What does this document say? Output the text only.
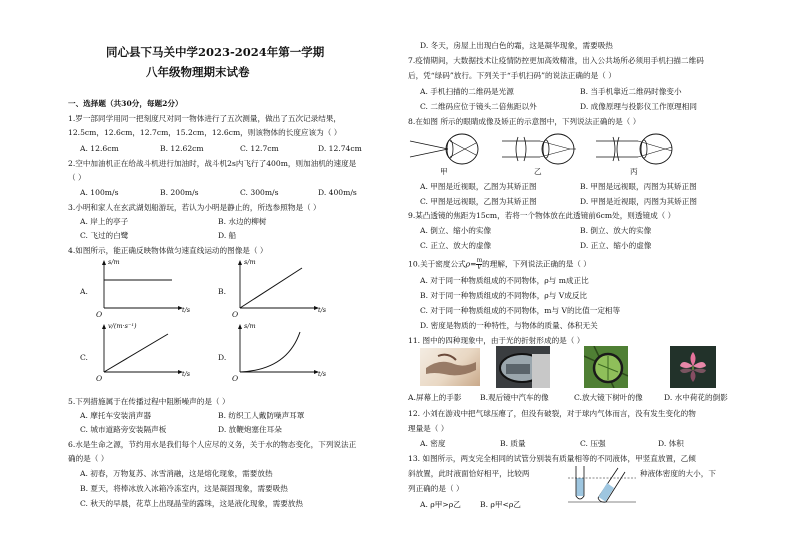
同心县下马关中学2023-2024年第一学期
八年级物理期末试卷
一、选择题（共30分，每题2分）
1.罗一部同学用同一把刻度尺对同一物体进行了五次测量，做出了五次记录结果，
12.5cm，12.6cm，12.7cm，15.2cm，12.6cm，则该物体的长度应该为（ ）
A. 12.6cm	B. 12.62cm	C. 12.7cm	D. 12.74cm
2.空中加油机正在给战斗机进行加油时，战斗机2s内飞行了400m，则加油机的速度是
（ ）
A. 100m/s	B. 200m/s	C. 300m/s	D. 400m/s
3.小明和家人在玄武湖划船游玩，若认为小明是静止的，所选参照物是（ ）
A. 岸上的亭子	B. 水边的柳树
C. 飞过的白鹭	D. 船
4.如图所示，能正确反映物体做匀速直线运动的图像是（ ）
A.
s/m
t/s
O
B.
s/m
t/s
O
C.
v/(m·s⁻¹)
t/s
O
D.
s/m
t/s
O
5.下列措施属于在传播过程中阻断噪声的是（ ）
A. 摩托车安装消声器	B. 纺织工人戴防噪声耳罩
C. 城市道路旁安装隔声板	D. 放鞭炮塞住耳朵
6.水是生命之源，节约用水是我们每个人应尽的义务，关于水的物态变化，下列说法正
确的是（ ）
A. 初春，万物复苏、冰雪消融，这是熔化现象，需要放热
B. 夏天，将棒冰放入冰箱冷冻室内，这是凝固现象，需要吸热
C. 秋天的早晨，花草上出现晶莹的露珠，这是液化现象，需要放热
D. 冬天，房屋上出现白色的霜，这是凝华现象，需要吸热
7.疫情期间，大数据技术让疫情防控更加高效精准，出入公共场所必须用手机扫描二维码
后，凭“绿码”放行。下列关于“手机扫码”的说法正确的是（ ）
A. 手机扫描的二维码是光源	B. 当手机靠近二维码时像变小
C. 二维码应位于镜头二倍焦距以外	D. 成像原理与投影仪工作原理相同
8.在如图 所示的眼睛成像及矫正的示意图中，下列说法正确的是（ ）
甲	乙	丙
A. 甲图是近视眼，乙图为其矫正图	B. 甲图是远视眼，丙图为其矫正图
C. 甲图是远视眼，乙图为其矫正图	D. 甲图是近视眼，丙图为其矫正图
9.某凸透镜的焦距为15cm，若将一个物体放在此透镜前6cm处，则透镜成（ ）
A. 倒立、缩小的实像	B. 倒立、放大的实像
C. 正立、放大的虚像	D. 正立、缩小的虚像
10.关于密度公式$\rho= \frac{m}{V}$ 的理解，下列说法正确的是（ ）
A. 对于同一种物质组成的不同物体，ρ与 m成正比
B. 对于同一种物质组成的不同物体，ρ与 V成反比
C. 对于同一种物质组成的不同物体，m与 V的比值一定相等
D. 密度是物质的一种特性，与物体的质量、体积无关
11. 图中的四种现象中，由于光的折射形成的是（ ）
A.屏幕上的手影 B.观后镜中汽车的像	C.放大镜下树叶的像	D. 水中荷花的倒影
12. 小刘在游戏中把气球压瘪了，但没有破裂，对于球内气体而言，没有发生变化的物
理量是（ ）
A. 密度	B. 质量	C. 压强	D. 体积
13. 如图所示，两支完全相同的试管分别装有质量相等的不同液体，甲竖直放置，乙倾
斜放置，此时液面恰好相平，比较两	种液体密度的大小，下
列正确的是（ ）
A. ρ甲>ρ乙	B. ρ甲<ρ乙
